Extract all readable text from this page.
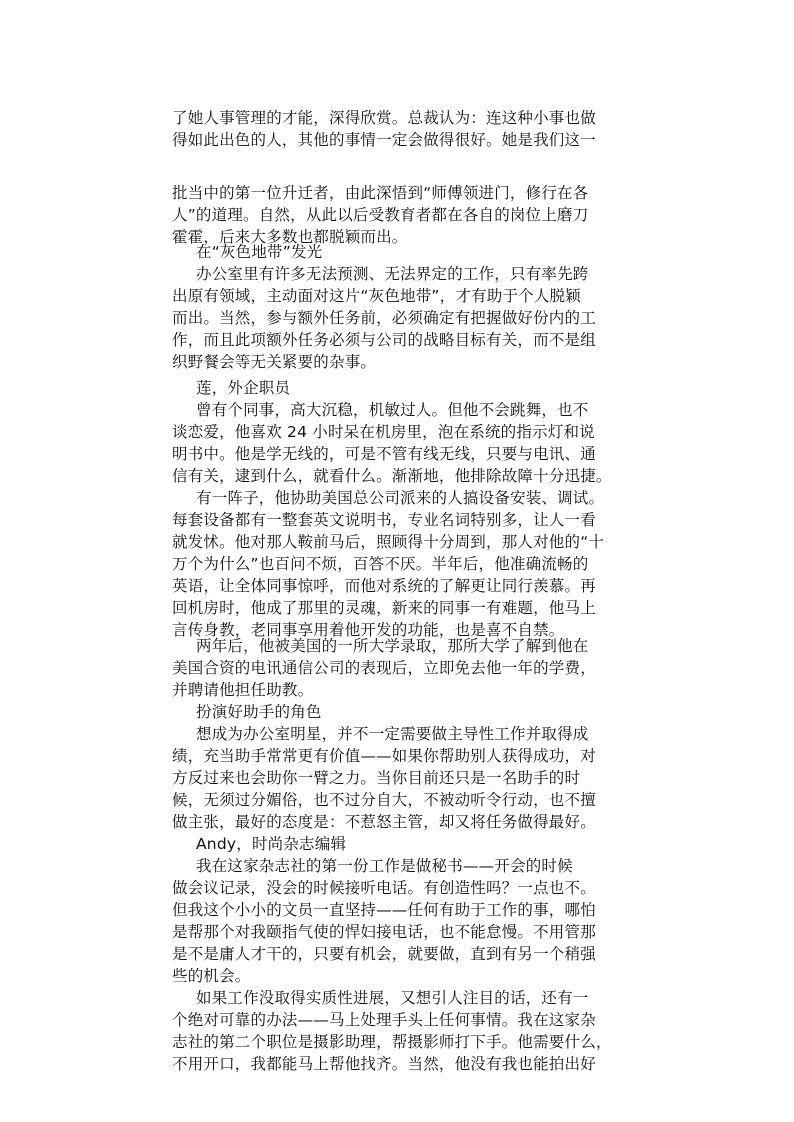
了她人事管理的才能，深得欣赏。总裁认为：连这种小事也做
得如此出色的人，其他的事情一定会做得很好。她是我们这一
批当中的第一位升迁者，由此深悟到“师傅领进门，修行在各
人”的道理。自然，从此以后受教育者都在各自的岗位上磨刀
霍霍，后来大多数也都脱颖而出。
在“灰色地带”发光
办公室里有许多无法预测、无法界定的工作，只有率先跨
出原有领域，主动面对这片“灰色地带”，才有助于个人脱颖
而出。当然，参与额外任务前，必须确定有把握做好份内的工
作，而且此项额外任务必须与公司的战略目标有关，而不是组
织野餐会等无关紧要的杂事。
莲，外企职员
曾有个同事，高大沉稳，机敏过人。但他不会跳舞，也不
谈恋爱，他喜欢 24 小时呆在机房里，泡在系统的指示灯和说
明书中。他是学无线的，可是不管有线无线，只要与电讯、通
信有关，逮到什么，就看什么。渐渐地，他排除故障十分迅捷。
有一阵子，他协助美国总公司派来的人搞设备安装、调试。
每套设备都有一整套英文说明书，专业名词特别多，让人一看
就发怵。他对那人鞍前马后，照顾得十分周到，那人对他的“十
万个为什么”也百问不烦，百答不厌。半年后，他准确流畅的
英语，让全体同事惊呼，而他对系统的了解更让同行羡慕。再
回机房时，他成了那里的灵魂，新来的同事一有难题，他马上
言传身教，老同事享用着他开发的功能，也是喜不自禁。
两年后，他被美国的一所大学录取，那所大学了解到他在
美国合资的电讯通信公司的表现后，立即免去他一年的学费，
并聘请他担任助教。
扮演好助手的角色
想成为办公室明星，并不一定需要做主导性工作并取得成
绩，充当助手常常更有价值——如果你帮助别人获得成功，对
方反过来也会助你一臂之力。当你目前还只是一名助手的时
候，无须过分媚俗，也不过分自大，不被动听令行动，也不擅
做主张，最好的态度是：不惹怒主管，却又将任务做得最好。
Andy，时尚杂志编辑
我在这家杂志社的第一份工作是做秘书——开会的时候
做会议记录，没会的时候接听电话。有创造性吗？一点也不。
但我这个小小的文员一直坚持——任何有助于工作的事，哪怕
是帮那个对我颐指气使的悍妇接电话，也不能怠慢。不用管那
是不是庸人才干的，只要有机会，就要做，直到有另一个稍强
些的机会。
如果工作没取得实质性进展，又想引人注目的话，还有一
个绝对可靠的办法——马上处理手头上任何事情。我在这家杂
志社的第二个职位是摄影助理，帮摄影师打下手。他需要什么，
不用开口，我都能马上帮他找齐。当然，他没有我也能拍出好
